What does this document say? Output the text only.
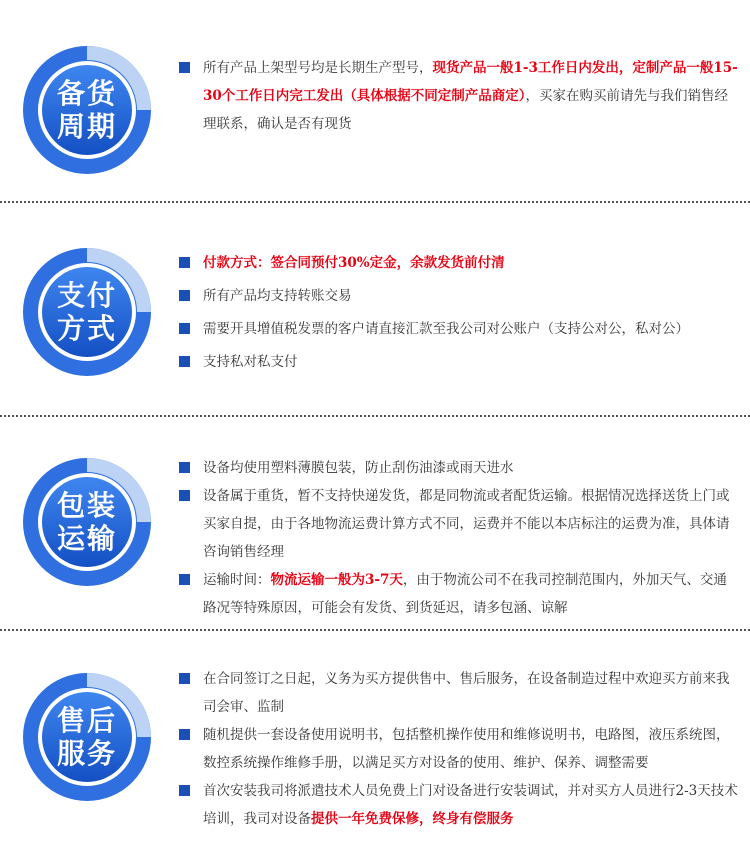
备货
周期
所有产品上架型号均是长期生产型号，现货产品一般1-3工作日内发出，定制产品一般15-30个工作日内完工发出（具体根据不同定制产品商定），买家在购买前请先与我们销售经理联系，确认是否有现货
支付
方式
付款方式：签合同预付30%定金，余款发货前付清
所有产品均支持转账交易
需要开具增值税发票的客户请直接汇款至我公司对公账户（支持公对公，私对公）
支持私对私支付
包装
运输
设备均使用塑料薄膜包装，防止刮伤油漆或雨天进水
设备属于重货，暂不支持快递发货，都是同物流或者配货运输。根据情况选择送货上门或买家自提，由于各地物流运费计算方式不同，运费并不能以本店标注的运费为准，具体请咨询销售经理
运输时间：物流运输一般为3-7天，由于物流公司不在我司控制范围内，外加天气、交通路况等特殊原因，可能会有发货、到货延迟，请多包涵、谅解
售后
服务
在合同签订之日起，义务为买方提供售中、售后服务，在设备制造过程中欢迎买方前来我司会审、监制
随机提供一套设备使用说明书，包括整机操作使用和维修说明书，电路图，液压系统图，数控系统操作维修手册，以满足买方对设备的使用、维护、保养、调整需要
首次安装我司将派遣技术人员免费上门对设备进行安装调试，并对买方人员进行2-3天技术培训，我司对设备提供一年免费保修，终身有偿服务
